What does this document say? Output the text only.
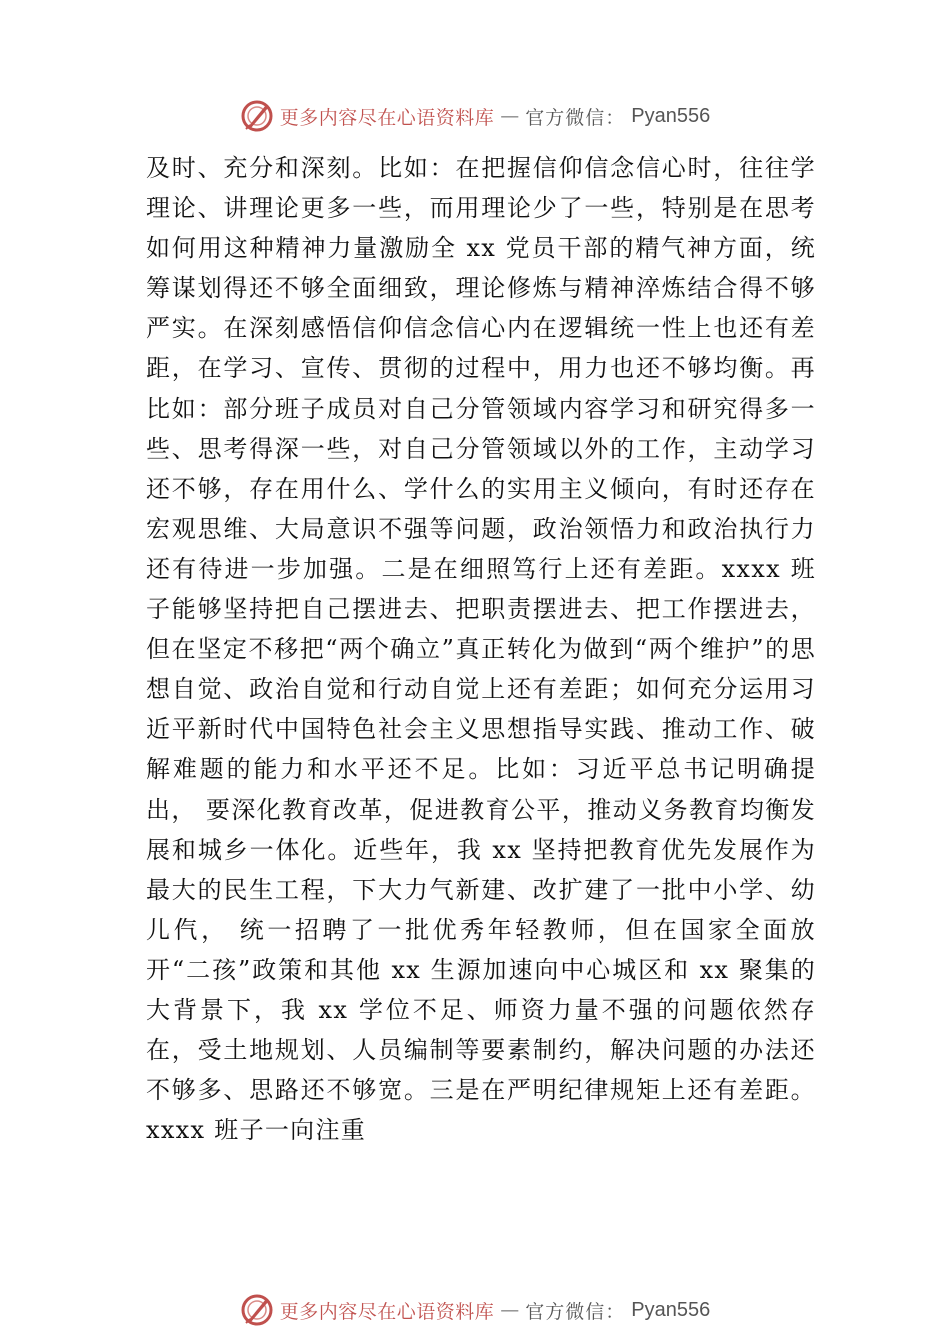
更多内容尽在心语资料库 — 官方微信： Pyan556

及时、充分和深刻。比如：在把握信仰信念信心时，往往学理论、讲理论更多一些，而用理论少了一些，特别是在思考如何用这种精神力量激励全 xx 党员干部的精气神方面，统筹谋划得还不够全面细致，理论修炼与精神淬炼结合得不够严实。在深刻感悟信仰信念信心内在逻辑统一性上也还有差距，在学习、宣传、贯彻的过程中，用力也还不够均衡。再比如：部分班子成员对自己分管领域内容学习和研究得多一些、思考得深一些，对自己分管领域以外的工作，主动学习还不够，存在用什么、学什么的实用主义倾向，有时还存在宏观思维、大局意识不强等问题，政治领悟力和政治执行力还有待进一步加强。二是在细照笃行上还有差距。xxxx 班子能够坚持把自己摆进去、把职责摆进去、把工作摆进去，但在坚定不移把“两个确立”真正转化为做到“两个维护”的思想自觉、政治自觉和行动自觉上还有差距；如何充分运用习近平新时代中国特色社会主义思想指导实践、推动工作、破解难题的能力和水平还不足。比如：习近平总书记明确提出， 要深化教育改革，促进教育公平，推动义务教育均衡发展和城乡一体化。近些年，我 xx 坚持把教育优先发展作为最大的民生工程，下大力气新建、改扩建了一批中小学、幼儿㐹， 统一招聘了一批优秀年轻教师，但在国家全面放开“二孩”政策和其他 xx 生源加速向中心城区和 xx 聚集的大背景下，我 xx 学位不足、师资力量不强的问题依然存在，受土地规划、人员编制等要素制约，解决问题的办法还不够多、思路还不够宽。三是在严明纪律规矩上还有差距。xxxx 班子一向注重

更多内容尽在心语资料库 — 官方微信： Pyan556
